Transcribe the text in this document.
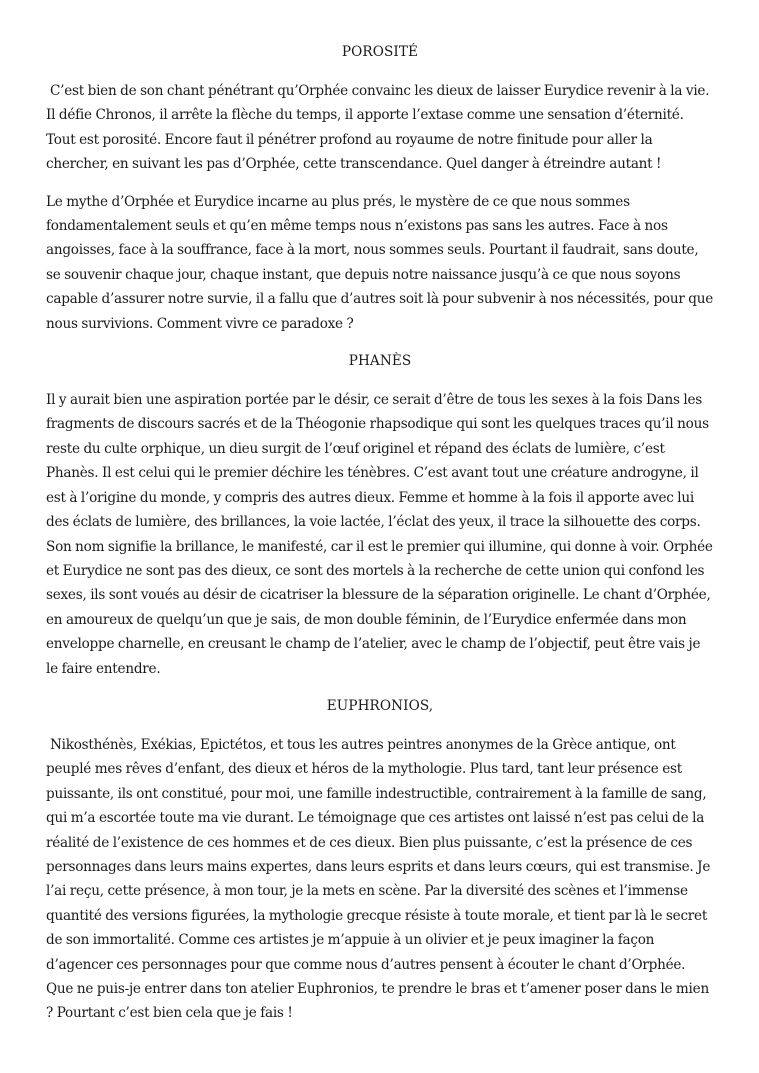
POROSITÉ

C’est bien de son chant pénétrant qu’Orphée convainc les dieux de laisser Eurydice revenir à la vie. Il défie Chronos, il arrête la flèche du temps, il apporte l’extase comme une sensation d’éternité. Tout est porosité. Encore faut il pénétrer profond au royaume de notre finitude pour aller la chercher, en suivant les pas d’Orphée, cette transcendance. Quel danger à étreindre autant !

Le mythe d’Orphée et Eurydice incarne au plus prés, le mystère de ce que nous sommes fondamentalement seuls et qu’en même temps nous n’existons pas sans les autres. Face à nos angoisses, face à la souffrance, face à la mort, nous sommes seuls. Pourtant il faudrait, sans doute, se souvenir chaque jour, chaque instant, que depuis notre naissance jusqu’à ce que nous soyons capable d’assurer notre survie, il a fallu que d’autres soit là pour subvenir à nos nécessités, pour que nous survivions. Comment vivre ce paradoxe ?

PHANÈS

Il y aurait bien une aspiration portée par le désir, ce serait d’être de tous les sexes à la fois Dans les fragments de discours sacrés et de la Théogonie rhapsodique qui sont les quelques traces qu’il nous reste du culte orphique, un dieu surgit de l’œuf originel et répand des éclats de lumière, c’est Phanès. Il est celui qui le premier déchire les ténèbres. C’est avant tout une créature androgyne, il est à l’origine du monde, y compris des autres dieux. Femme et homme à la fois il apporte avec lui des éclats de lumière, des brillances, la voie lactée, l’éclat des yeux, il trace la silhouette des corps. Son nom signifie la brillance, le manifesté, car il est le premier qui illumine, qui donne à voir. Orphée et Eurydice ne sont pas des dieux, ce sont des mortels à la recherche de cette union qui confond les sexes, ils sont voués au désir de cicatriser la blessure de la séparation originelle. Le chant d’Orphée, en amoureux de quelqu’un que je sais, de mon double féminin, de l’Eurydice enfermée dans mon enveloppe charnelle, en creusant le champ de l’atelier, avec le champ de l’objectif, peut être vais je le faire entendre.

EUPHRONIOS,

Nikosthénès, Exékias, Epictétos, et tous les autres peintres anonymes de la Grèce antique, ont peuplé mes rêves d’enfant, des dieux et héros de la mythologie. Plus tard, tant leur présence est puissante, ils ont constitué, pour moi, une famille indestructible, contrairement à la famille de sang, qui m’a escortée toute ma vie durant. Le témoignage que ces artistes ont laissé n’est pas celui de la réalité de l’existence de ces hommes et de ces dieux. Bien plus puissante, c’est la présence de ces personnages dans leurs mains expertes, dans leurs esprits et dans leurs cœurs, qui est transmise. Je l’ai reçu, cette présence, à mon tour, je la mets en scène. Par la diversité des scènes et l’immense quantité des versions figurées, la mythologie grecque résiste à toute morale, et tient par là le secret de son immortalité. Comme ces artistes je m’appuie à un olivier et je peux imaginer la façon d’agencer ces personnages pour que comme nous d’autres pensent à écouter le chant d’Orphée. Que ne puis-je entrer dans ton atelier Euphronios, te prendre le bras et t’amener poser dans le mien ? Pourtant c’est bien cela que je fais !
